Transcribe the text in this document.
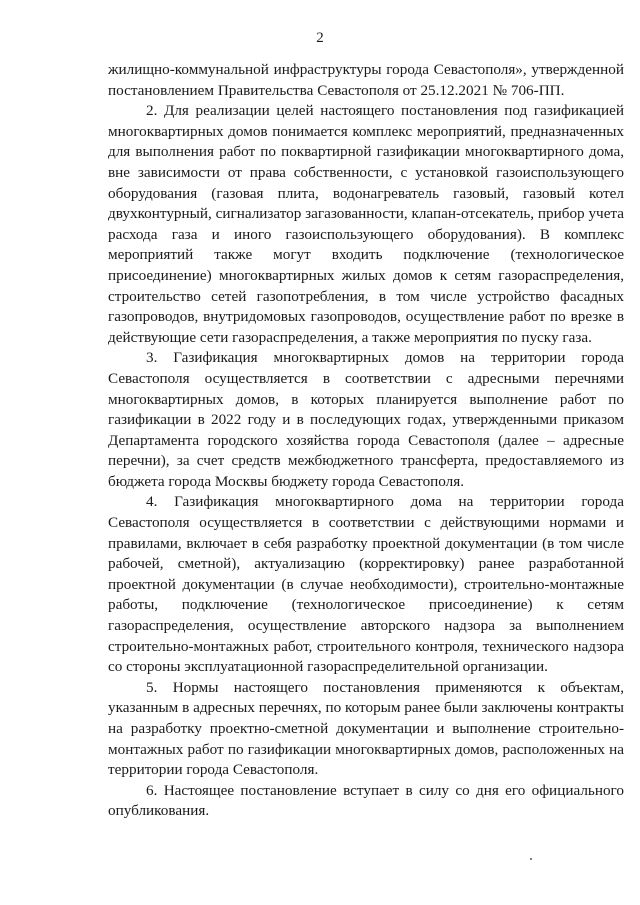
2

жилищно-коммунальной инфраструктуры города Севастополя», утвержденной постановлением Правительства Севастополя от 25.12.2021 № 706-ПП.

2. Для реализации целей настоящего постановления под газификацией многоквартирных домов понимается комплекс мероприятий, предназначенных для выполнения работ по поквартирной газификации многоквартирного дома, вне зависимости от права собственности, с установкой газоиспользующего оборудования (газовая плита, водонагреватель газовый, газовый котел двухконтурный, сигнализатор загазованности, клапан-отсекатель, прибор учета расхода газа и иного газоиспользующего оборудования). В комплекс мероприятий также могут входить подключение (технологическое присоединение) многоквартирных жилых домов к сетям газораспределения, строительство сетей газопотребления, в том числе устройство фасадных газопроводов, внутридомовых газопроводов, осуществление работ по врезке в действующие сети газораспределения, а также мероприятия по пуску газа.

3. Газификация многоквартирных домов на территории города Севастополя осуществляется в соответствии с адресными перечнями многоквартирных домов, в которых планируется выполнение работ по газификации в 2022 году и в последующих годах, утвержденными приказом Департамента городского хозяйства города Севастополя (далее – адресные перечни), за счет средств межбюджетного трансферта, предоставляемого из бюджета города Москвы бюджету города Севастополя.

4. Газификация многоквартирного дома на территории города Севастополя осуществляется в соответствии с действующими нормами и правилами, включает в себя разработку проектной документации (в том числе рабочей, сметной), актуализацию (корректировку) ранее разработанной проектной документации (в случае необходимости), строительно-монтажные работы, подключение (технологическое присоединение) к сетям газораспределения, осуществление авторского надзора за выполнением строительно-монтажных работ, строительного контроля, технического надзора со стороны эксплуатационной газораспределительной организации.

5. Нормы настоящего постановления применяются к объектам, указанным в адресных перечнях, по которым ранее были заключены контракты на разработку проектно-сметной документации и выполнение строительно-монтажных работ по газификации многоквартирных домов, расположенных на территории города Севастополя.

6. Настоящее постановление вступает в силу со дня его официального опубликования.
